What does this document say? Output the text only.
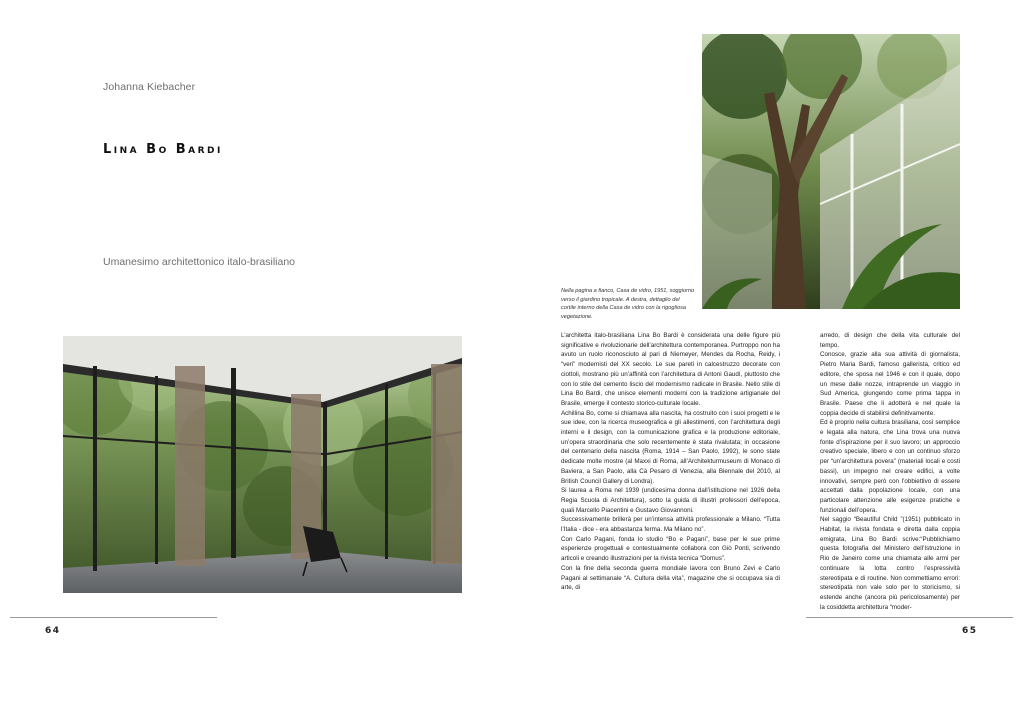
Johanna Kiebacher
Lina Bo Bardi
Umanesimo architettonico italo-brasiliano
Nella pagina a fianco, Casa de vidro, 1951, soggiorno verso il giardino tropicale. A destra, dettaglio del cortile interno della Casa de vidro con la rigogliosa vegetazione.

L’architetta italo-brasiliana Lina Bo Bardi è considerata una delle figure più significative e rivoluzionarie dell’architettura contemporanea. Purtroppo non ha avuto un ruolo riconosciuto al pari di Niemeyer, Mendes da Rocha, Reidy, i “veri” modernisti del XX secolo. Le sue pareti in calcestruzzo decorate con ciottoli, mostrano più un’affinità con l’architettura di Antoni Gaudí, piuttosto che con lo stile del cemento liscio del modernismo radicale in Brasile. Nello stile di Lina Bo Bardi, che unisce elementi moderni con la tradizione artigianale del Brasile, emerge il contesto storico-culturale locale.

Achillina Bo, come si chiamava alla nascita, ha costruito con i suoi progetti e le sue idee, con la ricerca museografica e gli allestimenti, con l’architettura degli interni e il design, con la comunicazione grafica e la produzione editoriale, un’opera straordinaria che solo recentemente è stata rivalutata; in occasione del centenario della nascita (Roma, 1914 – San Paolo, 1992), le sono state dedicate molte mostre (al Maxxi di Roma, all’Architekturmuseum di Monaco di Baviera, a San Paolo, alla Cà Pesaro di Venezia, alla Biennale del 2010, al British Council Gallery di Londra).

Si laurea a Roma nel 1939 (undicesima donna dall’istituzione nel 1926 della Regia Scuola di Architettura), sotto la guida di illustri professori dell’epoca, quali Marcello Piacentini e Gustavo Giovannoni.

Successivamente brillerà per un’intensa attività professionale a Milano. “Tutta l’Italia - dice - era abbastanza ferma. Ma Milano no”.

Con Carlo Pagani, fonda lo studio “Bo e Pagani”, base per le sue prime esperienze progettuali e contestualmente collabora con Giò Ponti, scrivendo articoli e creando illustrazioni per la rivista tecnica “Domus”.

Con la fine della seconda guerra mondiale lavora con Bruno Zevi e Carlo Pagani al settimanale “A. Cultura della vita”, magazine che si occupava sia di arte, di

arredo, di design che della vita culturale del tempo.

Conosce, grazie alla sua attività di giornalista, Pietro Maria Bardi, famoso gallerista, critico ed editore, che sposa nel 1946 e con il quale, dopo un mese dalle nozze, intraprende un viaggio in Sud America, giungendo come prima tappa in Brasile. Paese che li adotterà e nel quale la coppia decide di stabilirsi definitivamente.

Ed è proprio nella cultura brasiliana, così semplice e legata alla natura, che Lina trova una nuova fonte d’ispirazione per il suo lavoro; un approccio creativo speciale, libero e con un continuo sforzo per “un’architettura povera” (materiali locali e costi bassi), un impegno nel creare edifici, a volte innovativi, sempre però con l’obbiettivo di essere accettati dalla popolazione locale, con una particolare attenzione alle esigenze pratiche e funzionali dell’opera.

Nel saggio “Beautiful Child ”(1951) pubblicato in Habitat, la rivista fondata e diretta dalla coppia emigrata, Lina Bo Bardi scrive:“Pubblichiamo questa fotografia del Ministero dell’Istruzione in Rio de Janeiro come una chiamata alle armi per continuare la lotta contro l’espressività stereotipata e di routine. Non commettiamo errori: stereotipata non vale solo per lo storicismo, si estende anche (ancora più pericolosamente) per la cosiddetta architettura “moder-

64	65
